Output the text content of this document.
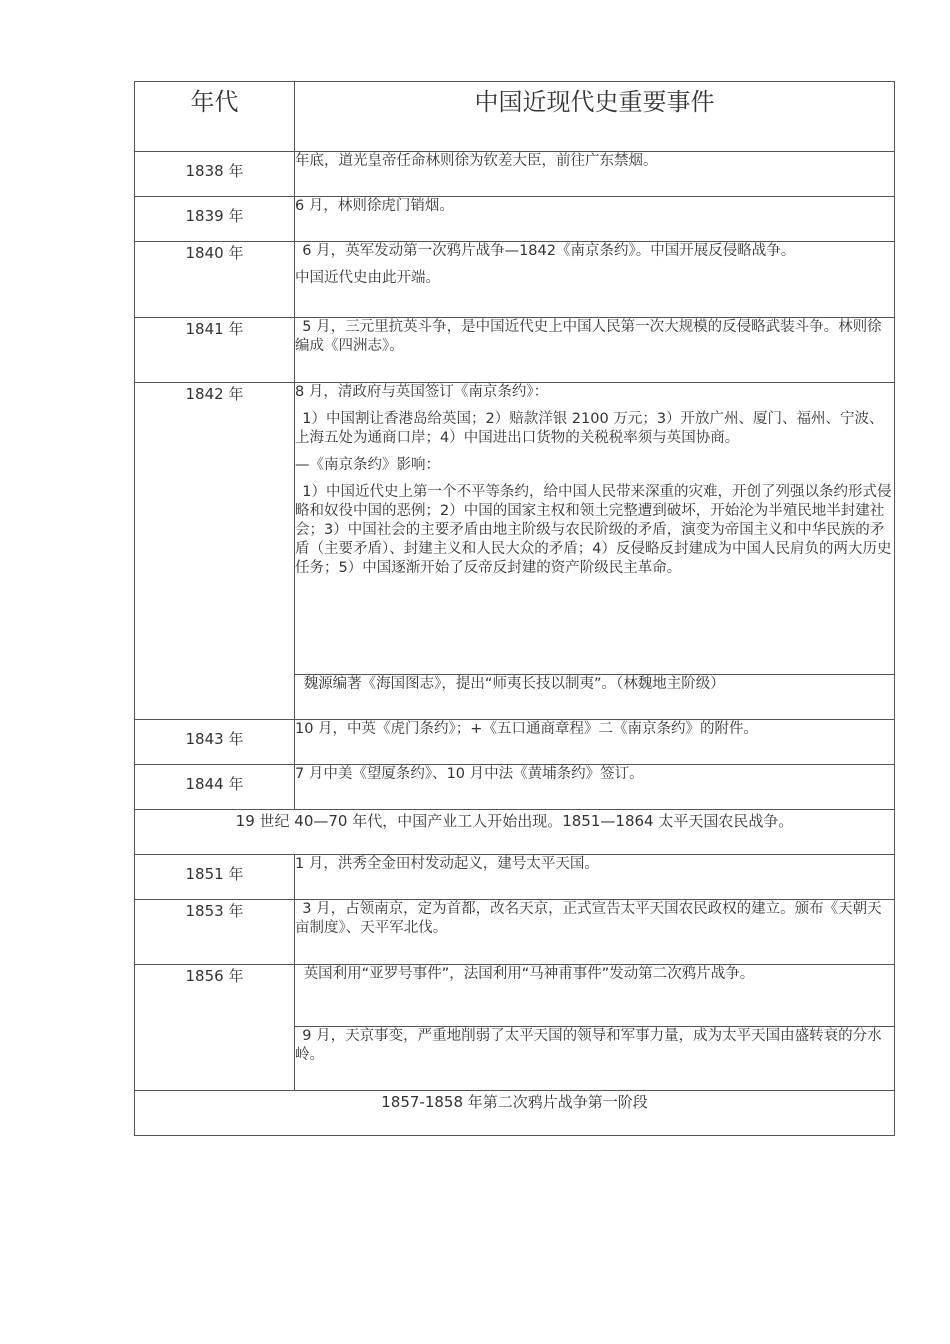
年代	中国近现代史重要事件
1838 年	年底，道光皇帝任命林则徐为钦差大臣，前往广东禁烟。

1839 年	6 月，林则徐虎门销烟。

1840 年	6 月，英军发动第一次鸦片战争—1842《南京条约》。中国开展反侵略战争。

中国近代史由此开端。

1841 年	5 月，三元里抗英斗争，是中国近代史上中国人民第一次大规模的反侵略武装斗争。林则徐编成《四洲志》。

1842 年	8 月，清政府与英国签订《南京条约》：

1）中国割让香港岛给英国；2）赔款洋银 2100 万元；3）开放广州、厦门、福州、宁波、上海五处为通商口岸；4）中国进出口货物的关税税率须与英国协商。

—《南京条约》影响：

1）中国近代史上第一个不平等条约，给中国人民带来深重的灾难，开创了列强以条约形式侵略和奴役中国的恶例；2）中国的国家主权和领土完整遭到破坏，开始沦为半殖民地半封建社会；3）中国社会的主要矛盾由地主阶级与农民阶级的矛盾，演变为帝国主义和中华民族的矛盾（主要矛盾）、封建主义和人民大众的矛盾；4）反侵略反封建成为中国人民肩负的两大历史任务；5）中国逐渐开始了反帝反封建的资产阶级民主革命。

	魏源编著《海国图志》，提出“师夷长技以制夷”。（林魏地主阶级）

1843 年	10 月，中英《虎门条约》；+《五口通商章程》二《南京条约》的附件。

1844 年	7 月中美《望厦条约》、10 月中法《黄埔条约》签订。

19 世纪 40—70 年代，中国产业工人开始出现。1851—1864 太平天国农民战争。	
1851 年	1 月，洪秀全金田村发动起义，建号太平天国。

1853 年	3 月，占领南京，定为首都，改名天京，正式宣告太平天国农民政权的建立。颁布《天朝天亩制度》、天平军北伐。

1856 年	英国利用“亚罗号事件”，法国利用“马神甫事件”发动第二次鸦片战争。

	9 月，天京事变，严重地削弱了太平天国的领导和军事力量，成为太平天国由盛转衰的分水岭。

1857-1858 年第二次鸦片战争第一阶段	
